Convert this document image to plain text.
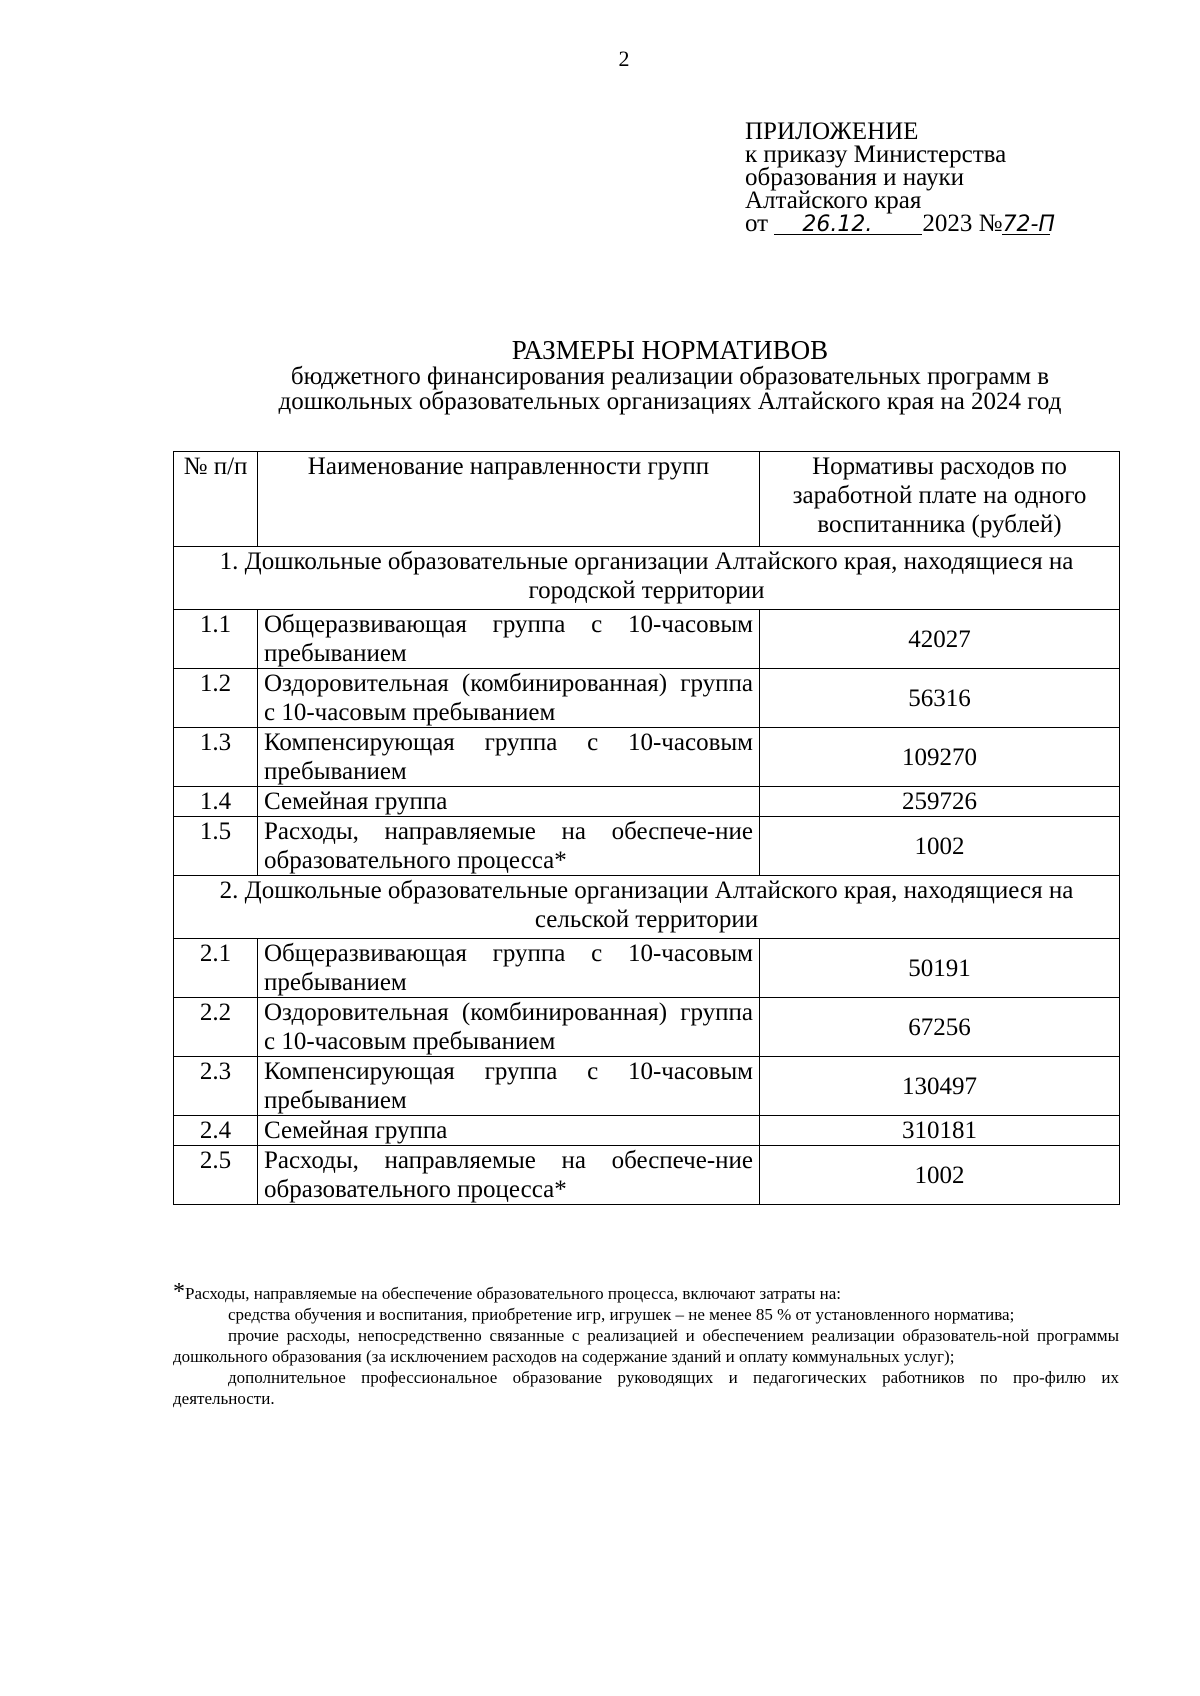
2
ПРИЛОЖЕНИЕ
к приказу Министерства
образования и науки
Алтайского края
от 26.12. 2023 №72-П
РАЗМЕРЫ НОРМАТИВОВ
бюджетного финансирования реализации образовательных программ в
дошкольных образовательных организациях Алтайского края на 2024 год
№ п/п	Наименование направленности групп	Нормативы расходов по заработной плате на одного воспитанника (рублей)
1. Дошкольные образовательные организации Алтайского края, находящиеся на городской территории		
1.1	Общеразвивающая группа с 10-часовым пребыванием	42027
1.2	Оздоровительная (комбинированная) группа с 10-часовым пребыванием	56316
1.3	Компенсирующая группа с 10-часовым пребыванием	109270
1.4	Семейная группа	259726
1.5	Расходы, направляемые на обеспече-ние образовательного процесса*	1002
2. Дошкольные образовательные организации Алтайского края, находящиеся на сельской территории		
2.1	Общеразвивающая группа с 10-часовым пребыванием	50191
2.2	Оздоровительная (комбинированная) группа с 10-часовым пребыванием	67256
2.3	Компенсирующая группа с 10-часовым пребыванием	130497
2.4	Семейная группа	310181
2.5	Расходы, направляемые на обеспече-ние образовательного процесса*	1002

*Расходы, направляемые на обеспечение образовательного процесса, включают затраты на:

средства обучения и воспитания, приобретение игр, игрушек – не менее 85 % от установленного норматива;

прочие расходы, непосредственно связанные с реализацией и обеспечением реализации образователь-ной программы дошкольного образования (за исключением расходов на содержание зданий и оплату коммунальных услуг);

дополнительное профессиональное образование руководящих и педагогических работников по про-филю их деятельности.
